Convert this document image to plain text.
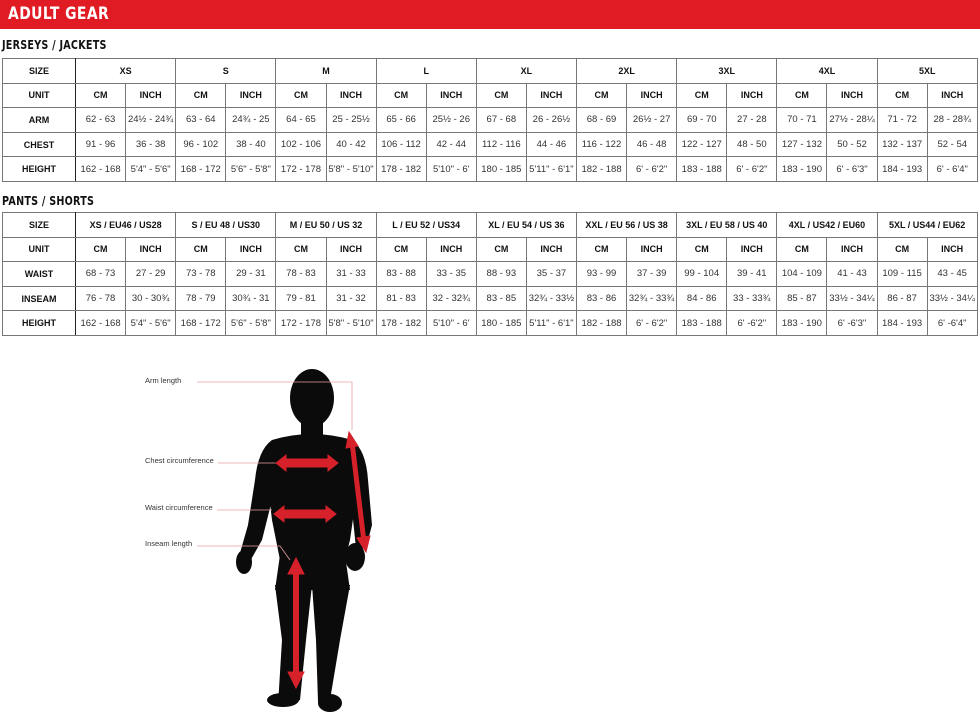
ADULT GEAR
JERSEYS / JACKETS
SIZE	XS		S		M		L		XL		2XL		3XL		4XL		5XL	
UNIT	CM	INCH	CM	INCH	CM	INCH	CM	INCH	CM	INCH	CM	INCH	CM	INCH	CM	INCH	CM	INCH
ARM	62 - 63	24½ - 24¾	63 - 64	24¾ - 25	64 - 65	25 - 25½	65 - 66	25½ - 26	67 - 68	26 - 26½	68 - 69	26½ - 27	69 - 70	27 - 28	70 - 71	27½ - 28¼	71 - 72	28 - 28¾
CHEST	91 - 96	36 - 38	96 - 102	38 - 40	102 - 106	40 - 42	106 - 112	42 - 44	112 - 116	44 - 46	116 - 122	46 - 48	122 - 127	48 - 50	127 - 132	50 - 52	132 - 137	52 - 54
HEIGHT	162 - 168	5'4" - 5'6"	168 - 172	5'6" - 5'8"	172 - 178	5'8" - 5'10"	178 - 182	5'10" - 6'	180 - 185	5'11" - 6'1"	182 - 188	6' - 6'2"	183 - 188	6' - 6'2"	183 - 190	6' - 6'3"	184 - 193	6' - 6'4"
PANTS / SHORTS
SIZE	XS / EU46 / US28		S / EU 48 / US30		M / EU 50 / US 32		L / EU 52 / US34		XL / EU 54 / US 36		XXL / EU 56 / US 38		3XL / EU 58 / US 40		4XL / US42 / EU60		5XL / US44 / EU62	
UNIT	CM	INCH	CM	INCH	CM	INCH	CM	INCH	CM	INCH	CM	INCH	CM	INCH	CM	INCH	CM	INCH
WAIST	68 - 73	27 - 29	73 - 78	29 - 31	78 - 83	31 - 33	83 - 88	33 - 35	88 - 93	35 - 37	93 - 99	37 - 39	99 - 104	39 - 41	104 - 109	41 - 43	109 - 115	43 - 45
INSEAM	76 - 78	30 - 30¾	78 - 79	30¾ - 31	79 - 81	31 - 32	81 - 83	32 - 32¾	83 - 85	32¾ - 33½	83 - 86	32¾ - 33¾	84 - 86	33 - 33¾	85 - 87	33½ - 34¼	86 - 87	33½ - 34¼
HEIGHT	162 - 168	5'4" - 5'6"	168 - 172	5'6" - 5'8"	172 - 178	5'8" - 5'10"	178 - 182	5'10" - 6'	180 - 185	5'11" - 6'1"	182 - 188	6' - 6'2"	183 - 188	6' -6'2"	183 - 190	6' -6'3"	184 - 193	6' -6'4"
Arm length
Chest circumference
Waist circumference
Inseam length
